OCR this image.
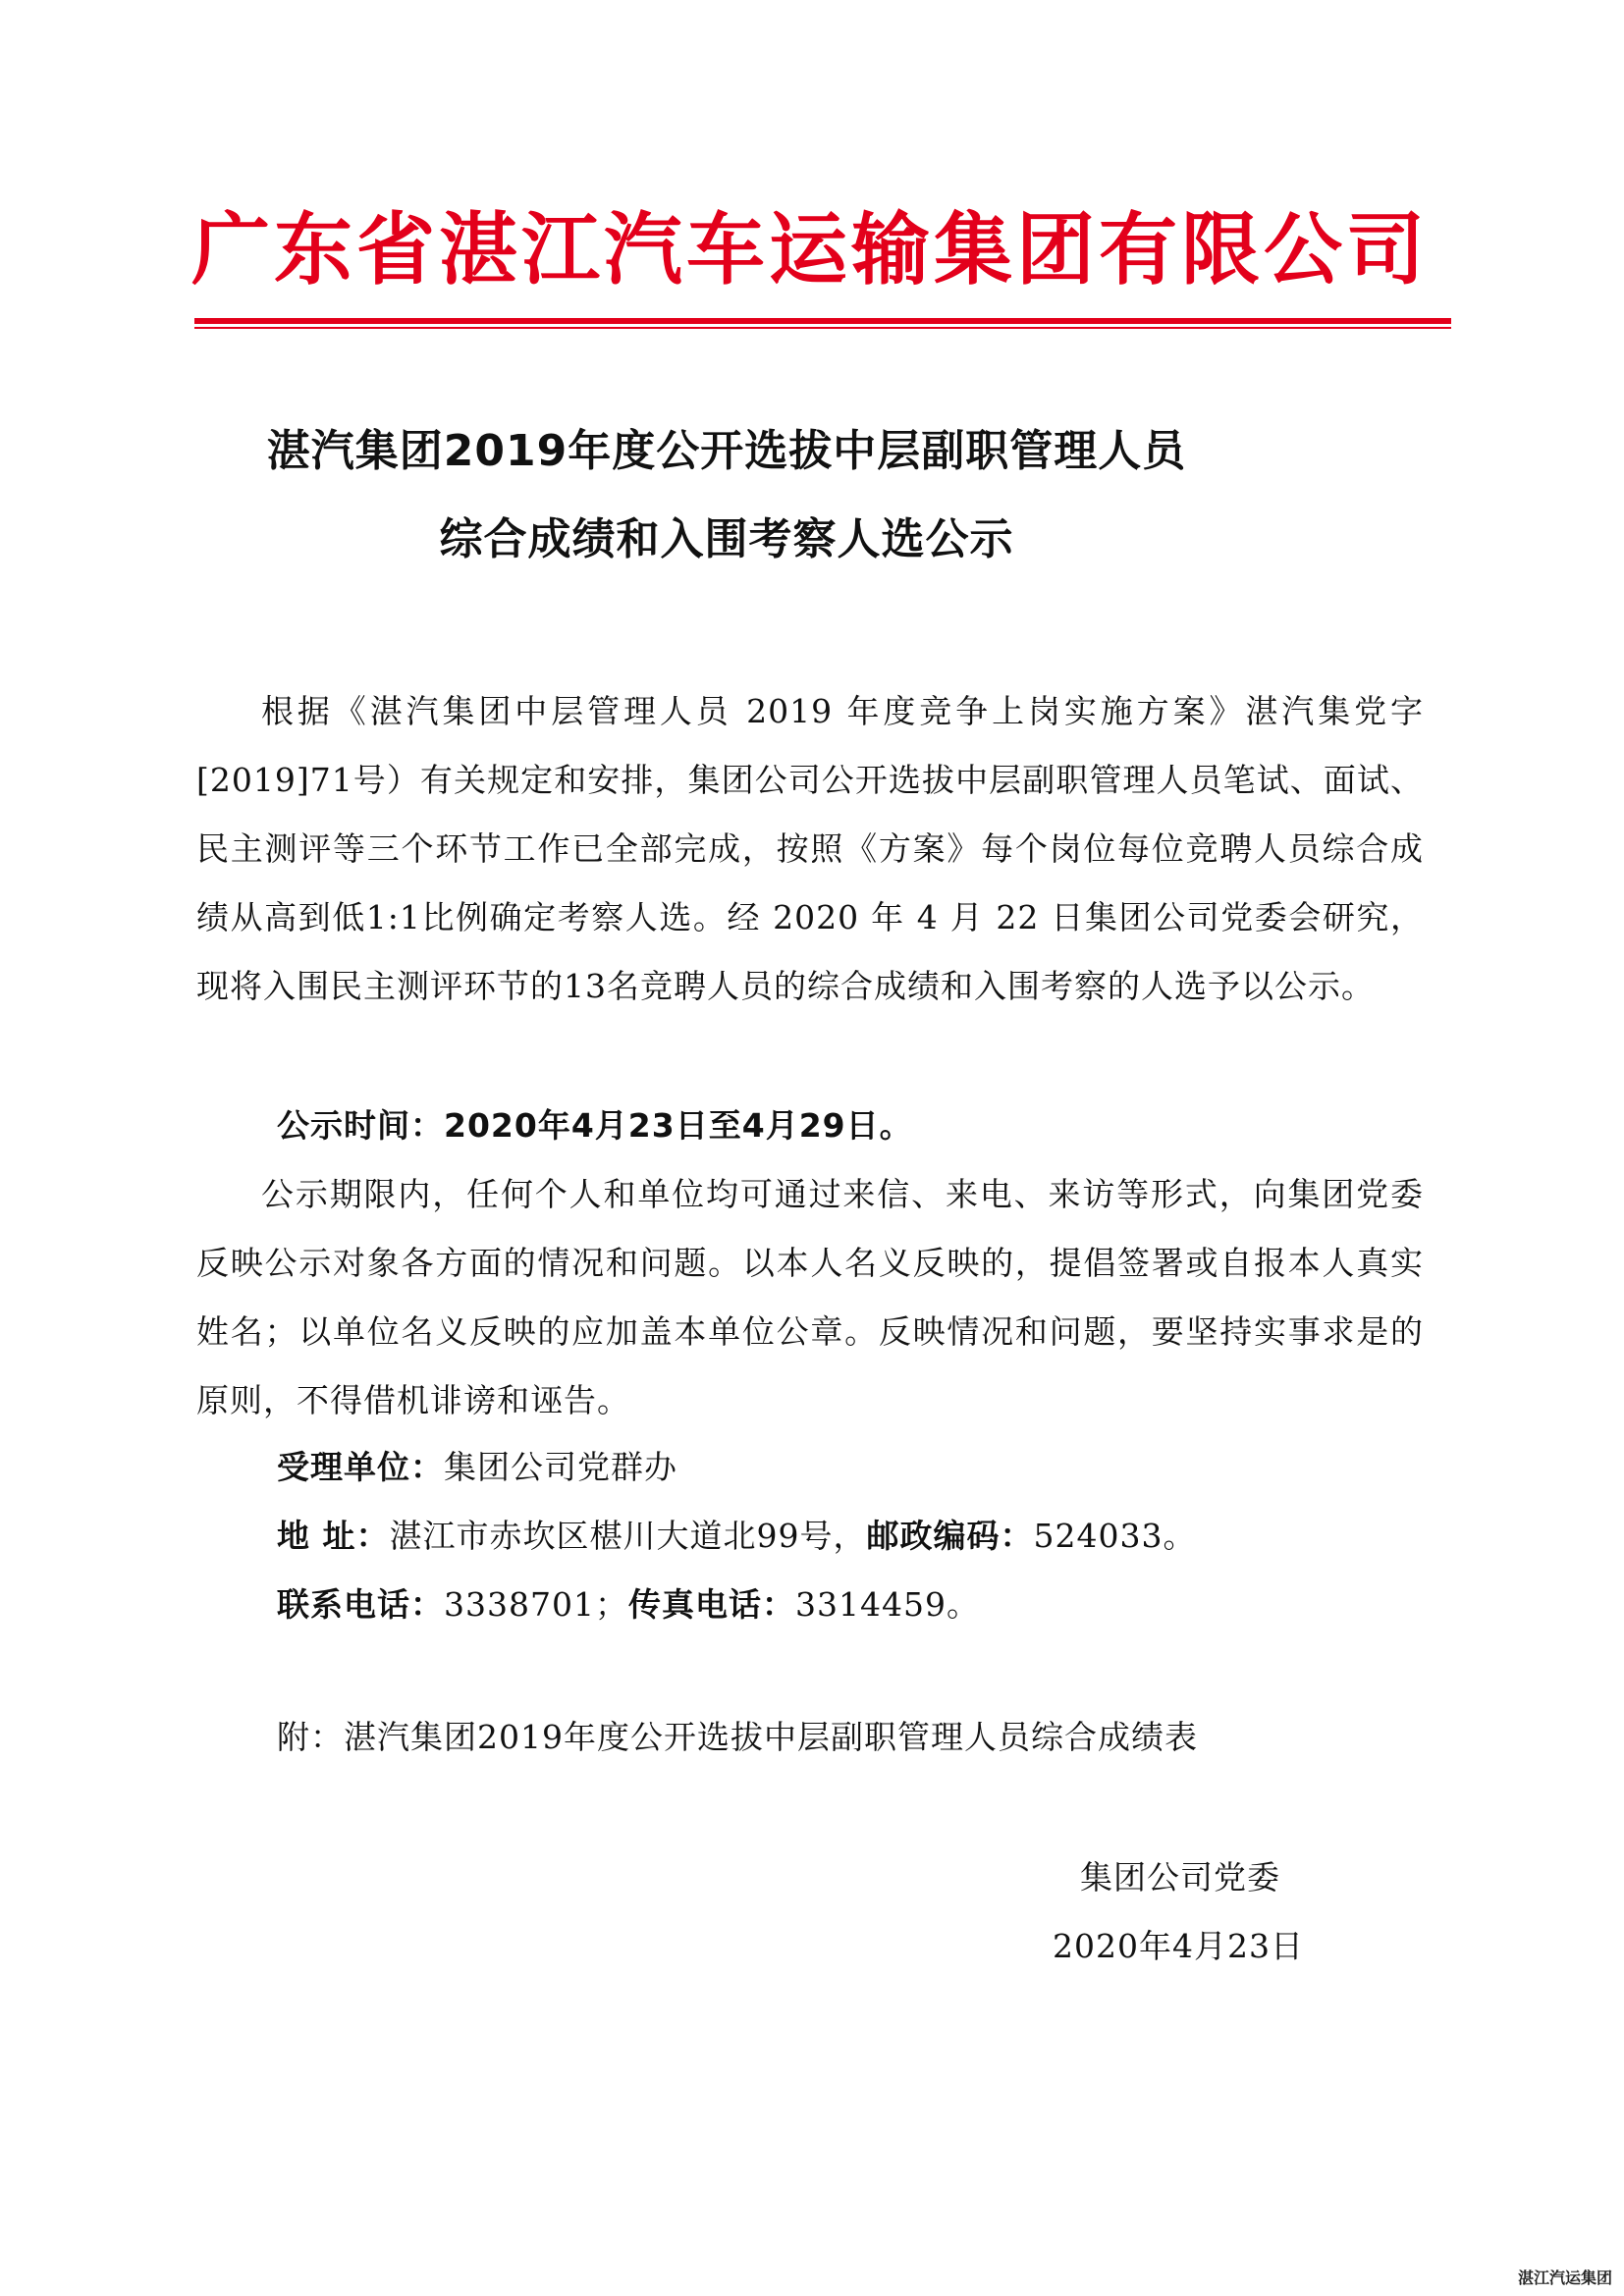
广东省湛江汽车运输集团有限公司
湛汽集团2019年度公开选拔中层副职管理人员
综合成绩和入围考察人选公示

根据《湛汽集团中层管理人员 2019 年度竞争上岗实施方案》湛汽集党字[2019]71号）有关规定和安排，集团公司公开选拔中层副职管理人员笔试、面试、民主测评等三个环节工作已全部完成，按照《方案》每个岗位每位竞聘人员综合成绩从高到低1:1比例确定考察人选。经 2020 年 4 月 22 日集团公司党委会研究，现将入围民主测评环节的13名竞聘人员的综合成绩和入围考察的人选予以公示。

公示时间：2020年4月23日至4月29日。

公示期限内，任何个人和单位均可通过来信、来电、来访等形式，向集团党委反映公示对象各方面的情况和问题。以本人名义反映的，提倡签署或自报本人真实姓名；以单位名义反映的应加盖本单位公章。反映情况和问题，要坚持实事求是的原则，不得借机诽谤和诬告。

受理单位：集团公司党群办
地 址：湛江市赤坎区椹川大道北99号，邮政编码：524033。
联系电话：3338701；传真电话：3314459。
附：湛汽集团2019年度公开选拔中层副职管理人员综合成绩表
集团公司党委
2020年4月23日
湛江汽运集团
